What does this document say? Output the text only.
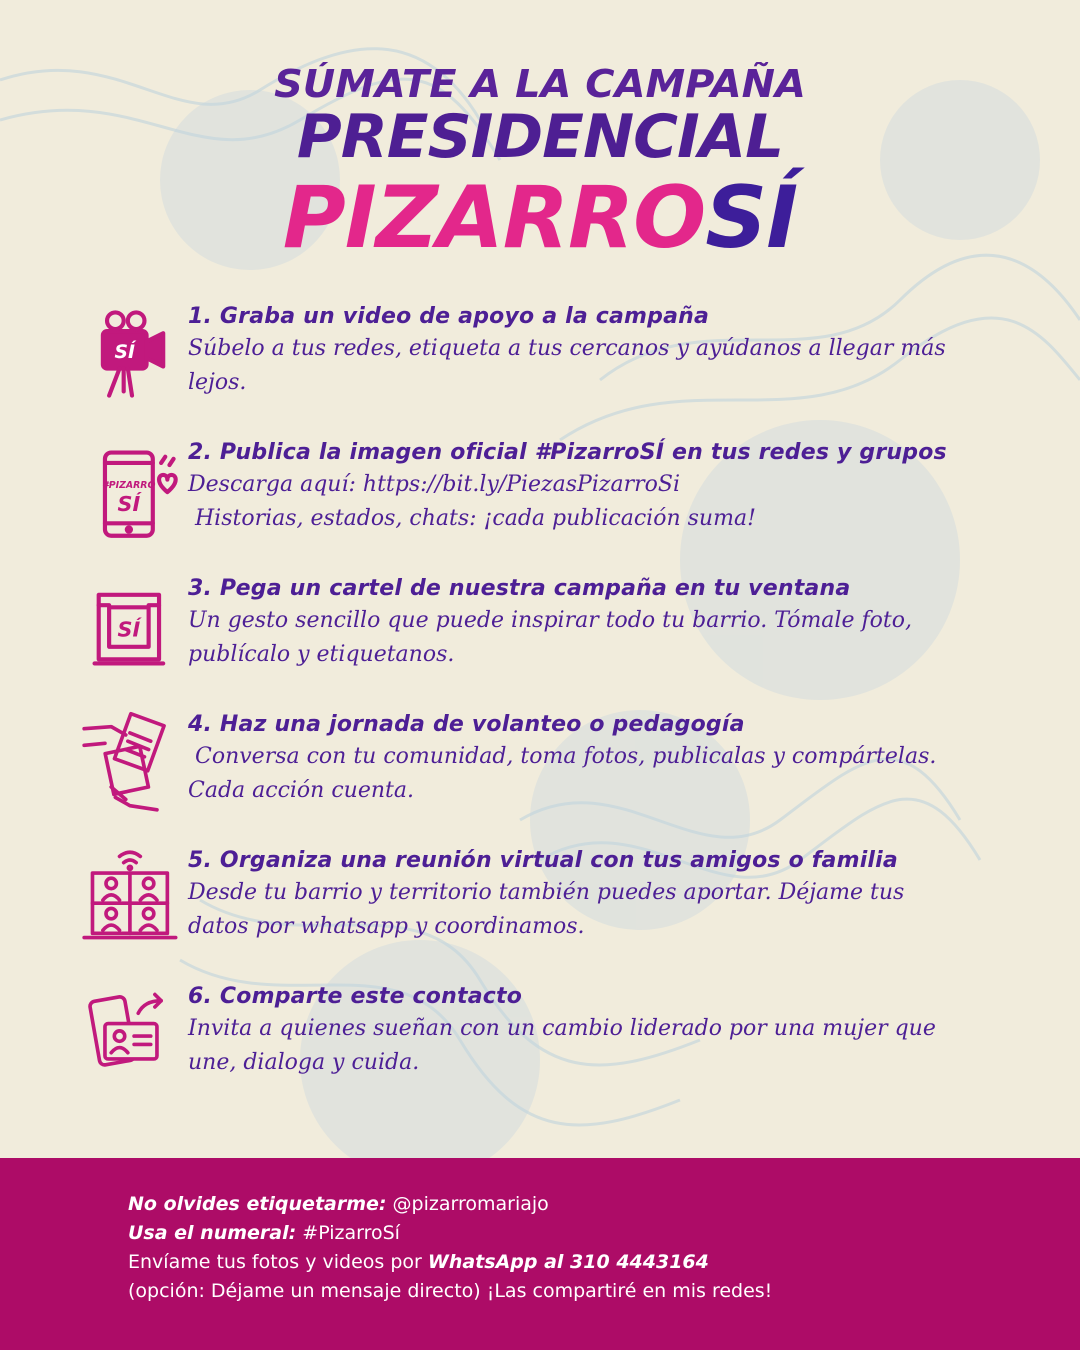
SÚMATE A LA CAMPAÑA
PRESIDENCIAL
PIZARROSÍ
SÍ
1. Graba un video de apoyo a la campaña
Súbelo a tus redes, etiqueta a tus cercanos y ayúdanos a llegar más
lejos.
#PIZARRO
SÍ
2. Publica la imagen oficial #PizarroSÍ en tus redes y grupos
Descarga aquí: https://bit.ly/PiezasPizarroSi
Historias, estados, chats: ¡cada publicación suma!
SÍ
3. Pega un cartel de nuestra campaña en tu ventana
Un gesto sencillo que puede inspirar todo tu barrio. Tómale foto,
publícalo y etiquetanos.
4. Haz una jornada de volanteo o pedagogía
Conversa con tu comunidad, toma fotos, publicalas y compártelas.
Cada acción cuenta.
5. Organiza una reunión virtual con tus amigos o familia
Desde tu barrio y territorio también puedes aportar. Déjame tus
datos por whatsapp y coordinamos.
6. Comparte este contacto
Invita a quienes sueñan con un cambio liderado por una mujer que
une, dialoga y cuida.
No olvides etiquetarme: @pizarromariajo
Usa el numeral: #PizarroSí
Envíame tus fotos y videos por WhatsApp al 310 4443164
(opción: Déjame un mensaje directo) ¡Las compartiré en mis redes!
